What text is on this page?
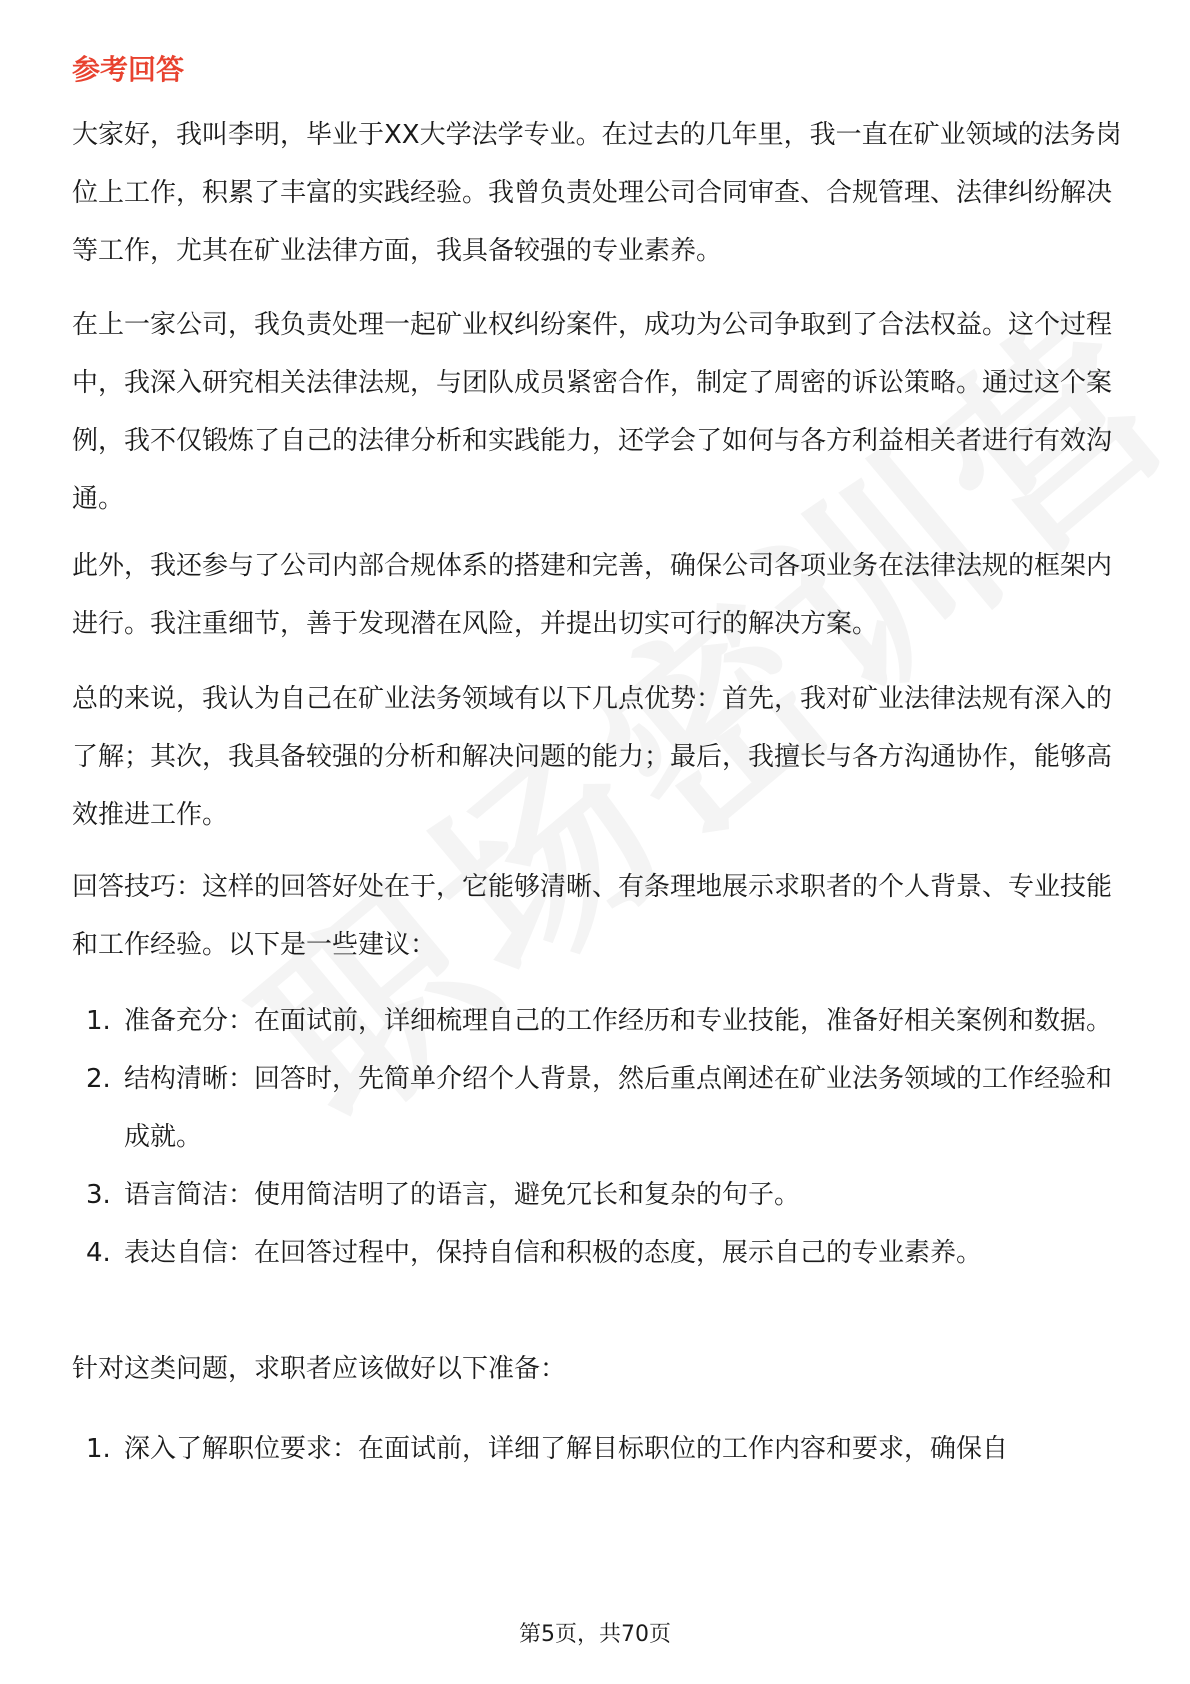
参考回答

大家好，我叫李明，毕业于XX大学法学专业。在过去的几年里，我一直在矿业领域的法务岗位上工作，积累了丰富的实践经验。我曾负责处理公司合同审查、合规管理、法律纠纷解决等工作，尤其在矿业法律方面，我具备较强的专业素养。

在上一家公司，我负责处理一起矿业权纠纷案件，成功为公司争取到了合法权益。这个过程中，我深入研究相关法律法规，与团队成员紧密合作，制定了周密的诉讼策略。通过这个案例，我不仅锻炼了自己的法律分析和实践能力，还学会了如何与各方利益相关者进行有效沟通。

此外，我还参与了公司内部合规体系的搭建和完善，确保公司各项业务在法律法规的框架内进行。我注重细节，善于发现潜在风险，并提出切实可行的解决方案。

总的来说，我认为自己在矿业法务领域有以下几点优势：首先，我对矿业法律法规有深入的了解；其次，我具备较强的分析和解决问题的能力；最后，我擅长与各方沟通协作，能够高效推进工作。

回答技巧：这样的回答好处在于，它能够清晰、有条理地展示求职者的个人背景、专业技能和工作经验。以下是一些建议：

1. 准备充分：在面试前，详细梳理自己的工作经历和专业技能，准备好相关案例和数据。
2. 结构清晰：回答时，先简单介绍个人背景，然后重点阐述在矿业法务领域的工作经验和成就。
3. 语言简洁：使用简洁明了的语言，避免冗长和复杂的句子。
4. 表达自信：在回答过程中，保持自信和积极的态度，展示自己的专业素养。

针对这类问题，求职者应该做好以下准备：

1. 深入了解职位要求：在面试前，详细了解目标职位的工作内容和要求，确保自
第5页，共70页
